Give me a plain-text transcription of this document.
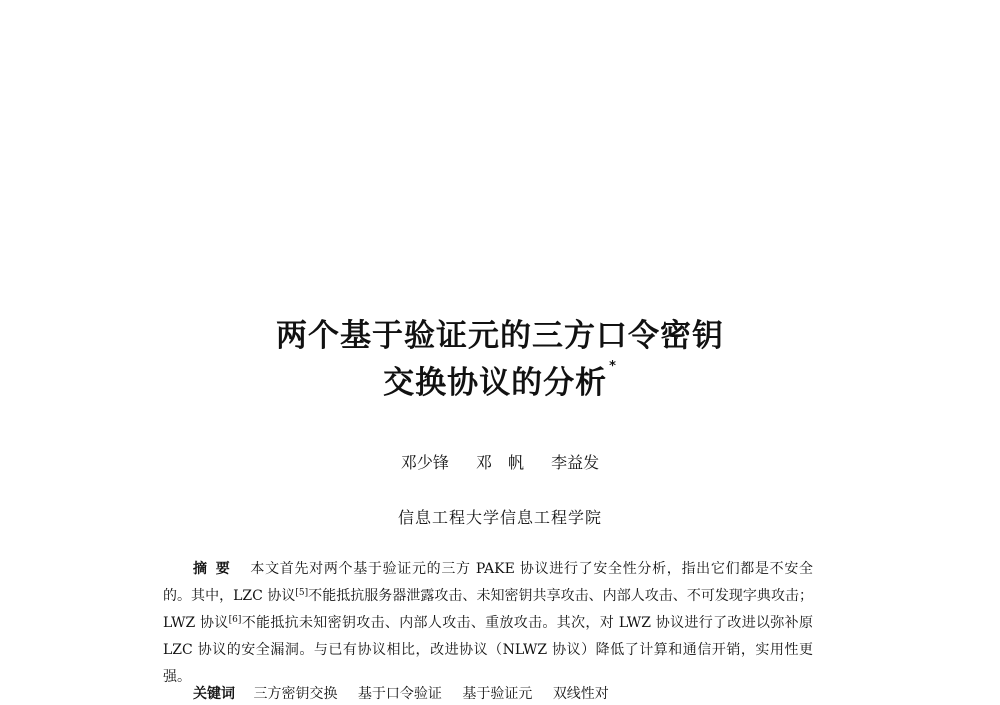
两个基于验证元的三方口令密钥
交换协议的分析 *
邓少锋 邓　帆 李益发
信息工程大学信息工程学院
摘要 本文首先对两个基于验证元的三方 PAKE 协议进行了安全性分析，指出它们都是不安全的。其中，LZC 协议[5]不能抵抗服务器泄露攻击、未知密钥共享攻击、内部人攻击、不可发现字典攻击；LWZ 协议[6]不能抵抗未知密钥攻击、内部人攻击、重放攻击。其次，对 LWZ 协议进行了改进以弥补原 LZC 协议的安全漏洞。与已有协议相比，改进协议（NLWZ 协议）降低了计算和通信开销，实用性更强。
关键词 三方密钥交换 基于口令验证 基于验证元 双线性对
